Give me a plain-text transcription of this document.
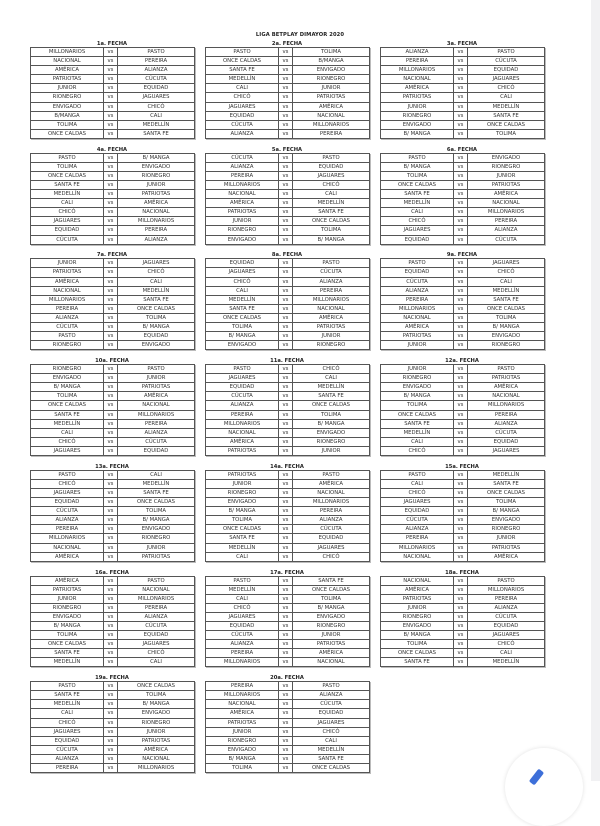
LIGA BETPLAY DIMAYOR 2020
1a. FECHA
MILLONARIOS	vs	PASTO
NACIONAL	vs	PEREIRA
AMÉRICA	vs	ALIANZA
PATRIOTAS	vs	CÚCUTA
JUNIOR	vs	EQUIDAD
RIONEGRO	vs	JAGUARES
ENVIGADO	vs	CHICÓ
B/MANGA	vs	CALI
TOLIMA	vs	MEDELLÍN
ONCE CALDAS	vs	SANTA FE
2a. FECHA
PASTO	vs	TOLIMA
ONCE CALDAS	vs	B/MANGA
SANTA FE	vs	ENVIGADO
MEDELLÍN	vs	RIONEGRO
CALI	vs	JUNIOR
CHICÓ	vs	PATRIOTAS
JAGUARES	vs	AMÉRICA
EQUIDAD	vs	NACIONAL
CÚCUTA	vs	MILLONARIOS
ALIANZA	vs	PEREIRA
3a. FECHA
ALIANZA	vs	PASTO
PEREIRA	vs	CÚCUTA
MILLONARIOS	vs	EQUIDAD
NACIONAL	vs	JAGUARES
AMÉRICA	vs	CHICÓ
PATRIOTAS	vs	CALI
JUNIOR	vs	MEDELLÍN
RIONEGRO	vs	SANTA FE
ENVIGADO	vs	ONCE CALDAS
B/ MANGA	vs	TOLIMA
4a. FECHA
PASTO	vs	B/ MANGA
TOLIMA	vs	ENVIGADO
ONCE CALDAS	vs	RIONEGRO
SANTA FE	vs	JUNIOR
MEDELLÍN	vs	PATRIOTAS
CALI	vs	AMÉRICA
CHICÓ	vs	NACIONAL
JAGUARES	vs	MILLONARIOS
EQUIDAD	vs	PEREIRA
CÚCUTA	vs	ALIANZA
5a. FECHA
CÚCUTA	vs	PASTO
ALIANZA	vs	EQUIDAD
PEREIRA	vs	JAGUARES
MILLONARIOS	vs	CHICÓ
NACIONAL	vs	CALI
AMÉRICA	vs	MEDELLÍN
PATRIOTAS	vs	SANTA FE
JUNIOR	vs	ONCE CALDAS
RIONEGRO	vs	TOLIMA
ENVIGADO	vs	B/ MANGA
6a. FECHA
PASTO	vs	ENVIGADO
B/ MANGA	vs	RIONEGRO
TOLIMA	vs	JUNIOR
ONCE CALDAS	vs	PATRIOTAS
SANTA FE	vs	AMÉRICA
MEDELLÍN	vs	NACIONAL
CALI	vs	MILLONARIOS
CHICÓ	vs	PEREIRA
JAGUARES	vs	ALIANZA
EQUIDAD	vs	CÚCUTA
7a. FECHA
JUNIOR	vs	JAGUARES
PATRIOTAS	vs	CHICÓ
AMÉRICA	vs	CALI
NACIONAL	vs	MEDELLÍN
MILLONARIOS	vs	SANTA FE
PEREIRA	vs	ONCE CALDAS
ALIANZA	vs	TOLIMA
CÚCUTA	vs	B/ MANGA
PASTO	vs	EQUIDAD
RIONEGRO	vs	ENVIGADO
8a. FECHA
EQUIDAD	vs	PASTO
JAGUARES	vs	CÚCUTA
CHICÓ	vs	ALIANZA
CALI	vs	PEREIRA
MEDELLÍN	vs	MILLONARIOS
SANTA FE	vs	NACIONAL
ONCE CALDAS	vs	AMÉRICA
TOLIMA	vs	PATRIOTAS
B/ MANGA	vs	JUNIOR
ENVIGADO	vs	RIONEGRO
9a. FECHA
PASTO	vs	JAGUARES
EQUIDAD	vs	CHICÓ
CÚCUTA	vs	CALI
ALIANZA	vs	MEDELLÍN
PEREIRA	vs	SANTA FE
MILLONARIOS	vs	ONCE CALDAS
NACIONAL	vs	TOLIMA
AMÉRICA	vs	B/ MANGA
PATRIOTAS	vs	ENVIGADO
JUNIOR	vs	RIONEGRO
10a. FECHA
RIONEGRO	vs	PASTO
ENVIGADO	vs	JUNIOR
B/ MANGA	vs	PATRIOTAS
TOLIMA	vs	AMÉRICA
ONCE CALDAS	vs	NACIONAL
SANTA FE	vs	MILLONARIOS
MEDELLÍN	vs	PEREIRA
CALI	vs	ALIANZA
CHICÓ	vs	CÚCUTA
JAGUARES	vs	EQUIDAD
11a. FECHA
PASTO	vs	CHICÓ
JAGUARES	vs	CALI
EQUIDAD	vs	MEDELLÍN
CÚCUTA	vs	SANTA FE
ALIANZA	vs	ONCE CALDAS
PEREIRA	vs	TOLIMA
MILLONARIOS	vs	B/ MANGA
NACIONAL	vs	ENVIGADO
AMÉRICA	vs	RIONEGRO
PATRIOTAS	vs	JUNIOR
12a. FECHA
JUNIOR	vs	PASTO
RIONEGRO	vs	PATRIOTAS
ENVIGADO	vs	AMÉRICA
B/ MANGA	vs	NACIONAL
TOLIMA	vs	MILLONARIOS
ONCE CALDAS	vs	PEREIRA
SANTA FE	vs	ALIANZA
MEDELLÍN	vs	CÚCUTA
CALI	vs	EQUIDAD
CHICÓ	vs	JAGUARES
13a. FECHA
PASTO	vs	CALI
CHICÓ	vs	MEDELLÍN
JAGUARES	vs	SANTA FE
EQUIDAD	vs	ONCE CALDAS
CÚCUTA	vs	TOLIMA
ALIANZA	vs	B/ MANGA
PEREIRA	vs	ENVIGADO
MILLONARIOS	vs	RIONEGRO
NACIONAL	vs	JUNIOR
AMÉRICA	vs	PATRIOTAS
14a. FECHA
PATRIOTAS	vs	PASTO
JUNIOR	vs	AMÉRICA
RIONEGRO	vs	NACIONAL
ENVIGADO	vs	MILLONARIOS
B/ MANGA	vs	PEREIRA
TOLIMA	vs	ALIANZA
ONCE CALDAS	vs	CÚCUTA
SANTA FE	vs	EQUIDAD
MEDELLÍN	vs	JAGUARES
CALI	vs	CHICÓ
15a. FECHA
PASTO	vs	MEDELLÍN
CALI	vs	SANTA FE
CHICÓ	vs	ONCE CALDAS
JAGUARES	vs	TOLIMA
EQUIDAD	vs	B/ MANGA
CÚCUTA	vs	ENVIGADO
ALIANZA	vs	RIONEGRO
PEREIRA	vs	JUNIOR
MILLONARIOS	vs	PATRIOTAS
NACIONAL	vs	AMÉRICA
16a. FECHA
AMÉRICA	vs	PASTO
PATRIOTAS	vs	NACIONAL
JUNIOR	vs	MILLONARIOS
RIONEGRO	vs	PEREIRA
ENVIGADO	vs	ALIANZA
B/ MANGA	vs	CÚCUTA
TOLIMA	vs	EQUIDAD
ONCE CALDAS	vs	JAGUARES
SANTA FE	vs	CHICÓ
MEDELLÍN	vs	CALI
17a. FECHA
PASTO	vs	SANTA FE
MEDELLÍN	vs	ONCE CALDAS
CALI	vs	TOLIMA
CHICÓ	vs	B/ MANGA
JAGUARES	vs	ENVIGADO
EQUIDAD	vs	RIONEGRO
CÚCUTA	vs	JUNIOR
ALIANZA	vs	PATRIOTAS
PEREIRA	vs	AMÉRICA
MILLONARIOS	vs	NACIONAL
18a. FECHA
NACIONAL	vs	PASTO
AMÉRICA	vs	MILLONARIOS
PATRIOTAS	vs	PEREIRA
JUNIOR	vs	ALIANZA
RIONEGRO	vs	CÚCUTA
ENVIGADO	vs	EQUIDAD
B/ MANGA	vs	JAGUARES
TOLIMA	vs	CHICÓ
ONCE CALDAS	vs	CALI
SANTA FE	vs	MEDELLÍN
19a. FECHA
PASTO	vs	ONCE CALDAS
SANTA FE	vs	TOLIMA
MEDELLÍN	vs	B/ MANGA
CALI	vs	ENVIGADO
CHICÓ	vs	RIONEGRO
JAGUARES	vs	JUNIOR
EQUIDAD	vs	PATRIOTAS
CÚCUTA	vs	AMÉRICA
ALIANZA	vs	NACIONAL
PEREIRA	vs	MILLONARIOS
20a. FECHA
PEREIRA	vs	PASTO
MILLONARIOS	vs	ALIANZA
NACIONAL	vs	CÚCUTA
AMÉRICA	vs	EQUIDAD
PATRIOTAS	vs	JAGUARES
JUNIOR	vs	CHICÓ
RIONEGRO	vs	CALI
ENVIGADO	vs	MEDELLÍN
B/ MANGA	vs	SANTA FE
TOLIMA	vs	ONCE CALDAS
